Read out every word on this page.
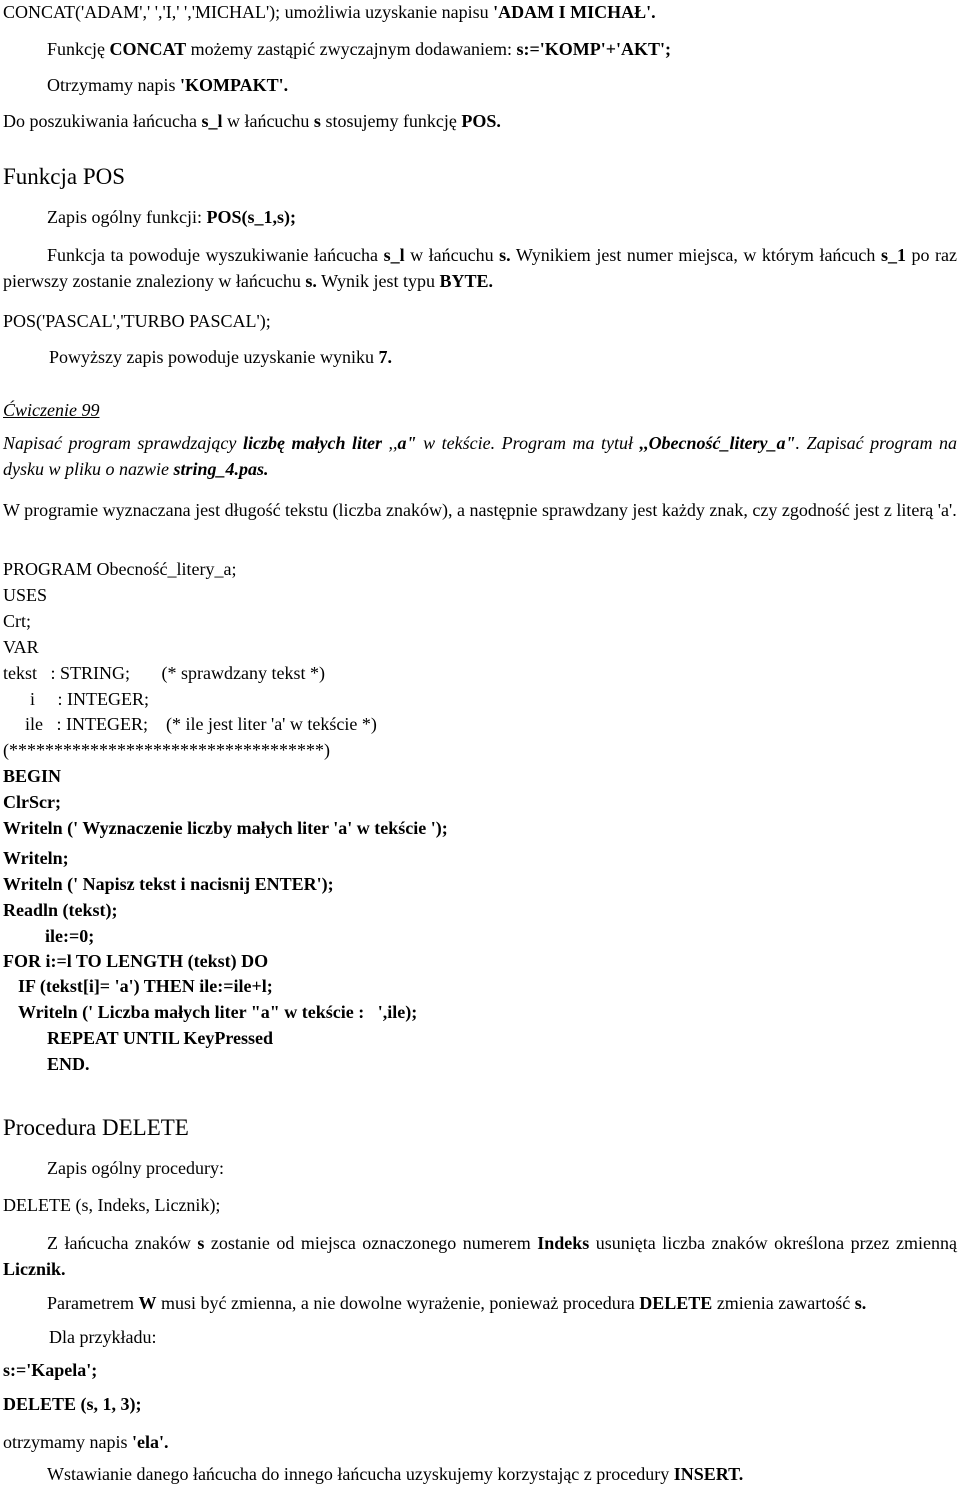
CONCAT('ADAM',' ','I,' ','MICHAL'); umożliwia uzyskanie napisu 'ADAM I MICHAŁ'.
Funkcję CONCAT możemy zastąpić zwyczajnym dodawaniem: s:='KOMP'+'AKT';
Otrzymamy napis 'KOMPAKT'.
Do poszukiwania łańcucha s_l w łańcuchu s stosujemy funkcję POS.
Funkcja POS
Zapis ogólny funkcji: POS(s_1,s);
Funkcja ta powoduje wyszukiwanie łańcucha s_l w łańcuchu s. Wynikiem jest numer miejsca, w którym łańcuch s_1 po raz pierwszy zostanie znaleziony w łańcuchu s. Wynik jest typu BYTE.
POS('PASCAL','TURBO PASCAL');
Powyższy zapis powoduje uzyskanie wyniku 7.
Ćwiczenie 99
Napisać program sprawdzający liczbę małych liter ,,a" w tekście. Program ma tytuł ,,Obecność_litery_a". Zapisać program na dysku w pliku o nazwie string_4.pas.
W programie wyznaczana jest długość tekstu (liczba znaków), a następnie sprawdzany jest każdy znak, czy zgodność jest z literą 'a'.
PROGRAM Obecność_litery_a;
USES
Crt;
VAR
tekst   : STRING;       (* sprawdzany tekst *)
i     : INTEGER;
ile   : INTEGER;    (* ile jest liter 'a' w tekście *)
(***********************************)
BEGIN
ClrScr;
Writeln (' Wyznaczenie liczby małych liter 'a' w tekście ');
Writeln;
Writeln (' Napisz tekst i nacisnij ENTER');
Readln (tekst);
ile:=0;
FOR i:=l TO LENGTH (tekst) DO
IF (tekst[i]= 'a') THEN ile:=ile+l;
Writeln (' Liczba małych liter "a" w tekście :   ',ile);
REPEAT UNTIL KeyPressed
END.
Procedura DELETE
Zapis ogólny procedury:
DELETE (s, Indeks, Licznik);
Z łańcucha znaków s zostanie od miejsca oznaczonego numerem Indeks usunięta liczba znaków określona przez zmienną Licznik.
Parametrem W musi być zmienna, a nie dowolne wyrażenie, ponieważ procedura DELETE zmienia zawartość s.
Dla przykładu:
s:='Kapela';
DELETE (s, 1, 3);
otrzymamy napis 'ela'.
Wstawianie danego łańcucha do innego łańcucha uzyskujemy korzystając z procedury INSERT.
